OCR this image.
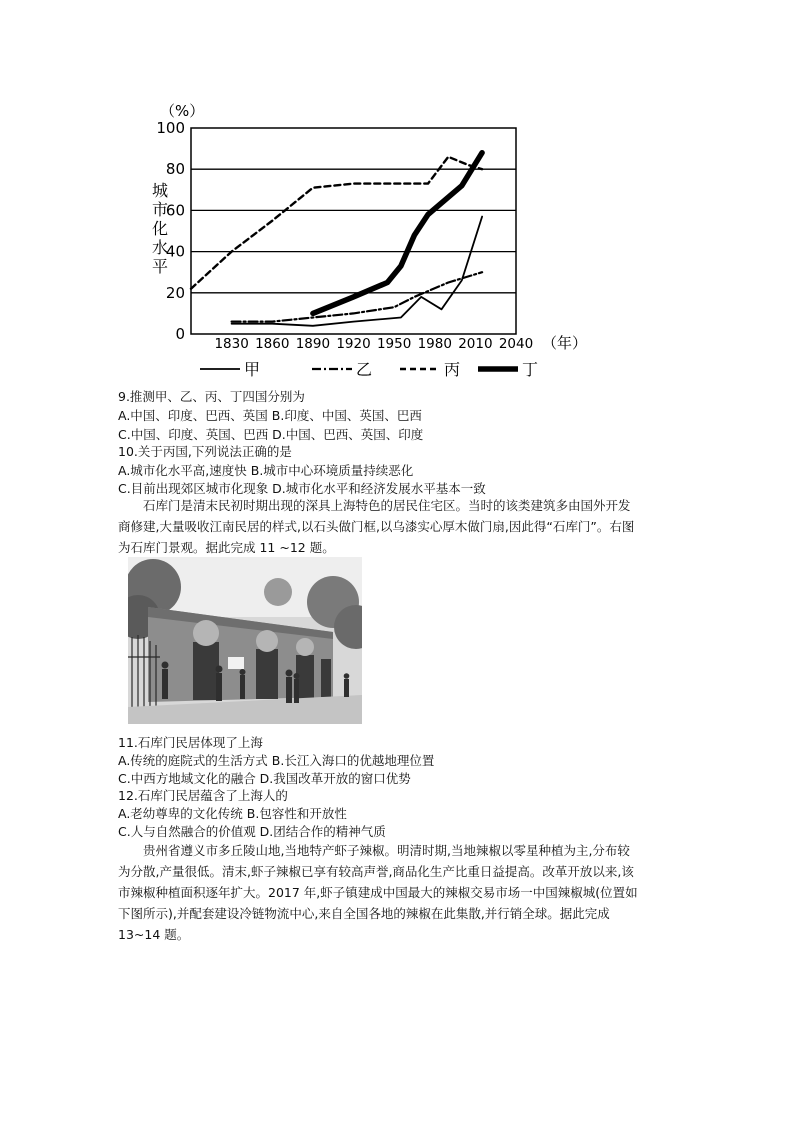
0
20
40
60
80
100
1830 1860 1890 1920 1950 1980 2010 2040
（%）
（年）
城市化水平
甲	乙	丙	丁

9.推测甲、乙、丙、丁四国分别为

A.中国、印度、巴西、英国 B.印度、中国、英国、巴西

C.中国、印度、英国、巴西 D.中国、巴西、英国、印度

10.关于丙国,下列说法正确的是

A.城市化水平高,速度快 B.城市中心环境质量持续恶化

C.目前出现郊区城市化现象 D.城市化水平和经济发展水平基本一致

石库门是清末民初时期出现的深具上海特色的居民住宅区。当时的该类建筑多由国外开发商修建,大量吸收江南民居的样式,以石头做门框,以乌漆实心厚木做门扇,因此得“石库门”。右图为石库门景观。据此完成 11 ~12 题。

11.石库门民居体现了上海

A.传统的庭院式的生活方式 B.长江入海口的优越地理位置

C.中西方地域文化的融合 D.我国改革开放的窗口优势

12.石库门民居蕴含了上海人的

A.老幼尊卑的文化传统 B.包容性和开放性

C.人与自然融合的价值观 D.团结合作的精神气质

贵州省遵义市多丘陵山地,当地特产虾子辣椒。明清时期,当地辣椒以零星种植为主,分布较为分散,产量很低。清末,虾子辣椒已享有较高声誉,商品化生产比重日益提高。改革开放以来,该市辣椒种植面积逐年扩大。2017 年,虾子镇建成中国最大的辣椒交易市场一中国辣椒城(位置如下图所示),并配套建设冷链物流中心,来自全国各地的辣椒在此集散,并行销全球。据此完成 13~14 题。
